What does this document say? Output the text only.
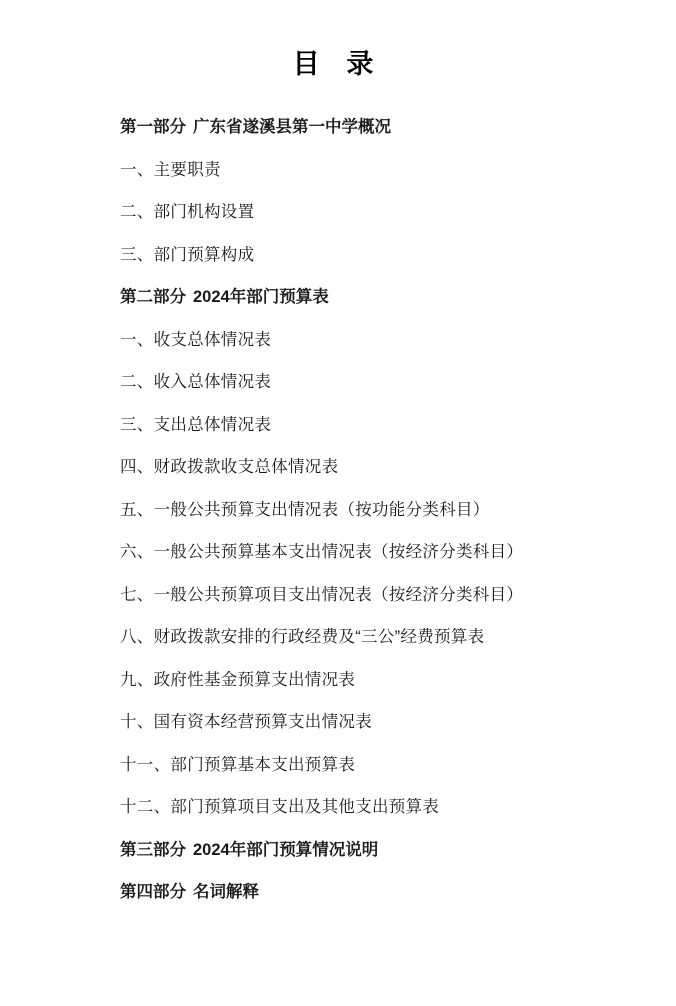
目 录
第一部分 广东省遂溪县第一中学概况
一、主要职责
二、部门机构设置
三、部门预算构成
第二部分 2024年部门预算表
一、收支总体情况表
二、收入总体情况表
三、支出总体情况表
四、财政拨款收支总体情况表
五、一般公共预算支出情况表（按功能分类科目）
六、一般公共预算基本支出情况表（按经济分类科目）
七、一般公共预算项目支出情况表（按经济分类科目）
八、财政拨款安排的行政经费及“三公”经费预算表
九、政府性基金预算支出情况表
十、国有资本经营预算支出情况表
十一、部门预算基本支出预算表
十二、部门预算项目支出及其他支出预算表
第三部分 2024年部门预算情况说明
第四部分 名词解释
